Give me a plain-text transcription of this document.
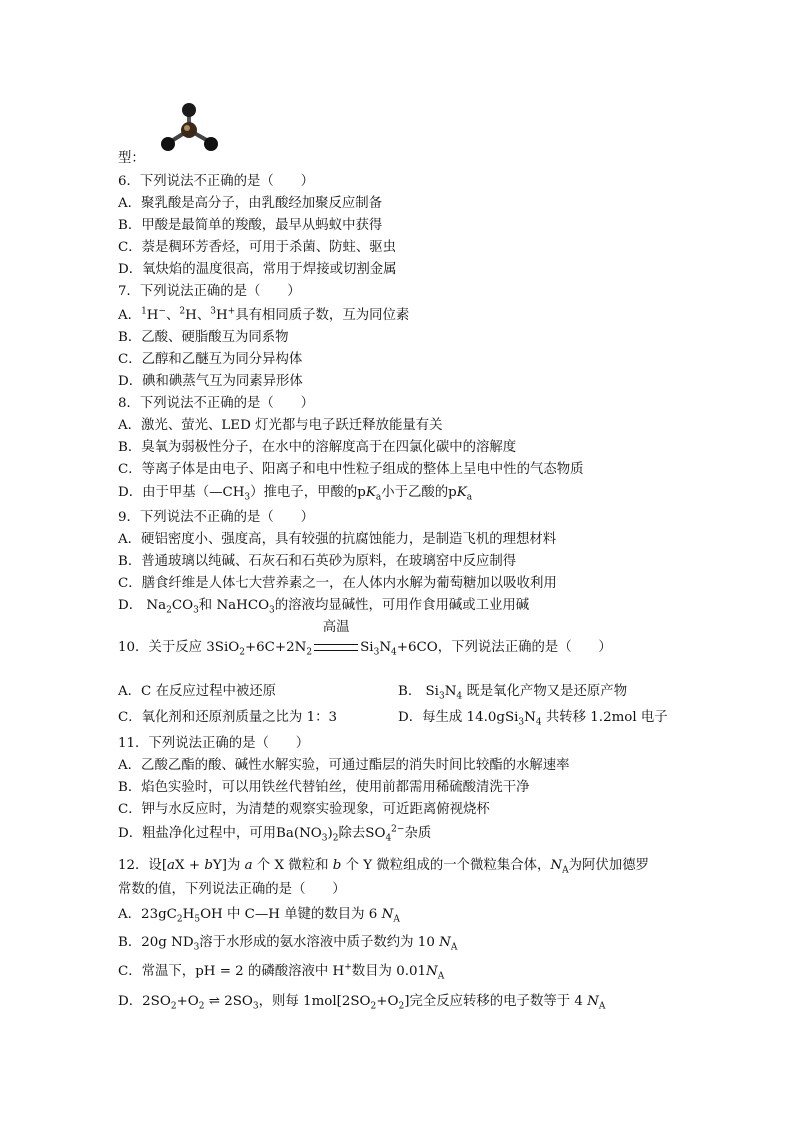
型：
6．下列说法不正确的是（　　）
A．聚乳酸是高分子，由乳酸经加聚反应制备
B．甲酸是最简单的羧酸，最早从蚂蚁中获得
C．萘是稠环芳香烃，可用于杀菌、防蛀、驱虫
D．氧炔焰的温度很高，常用于焊接或切割金属
7．下列说法正确的是（　　）
A．$^1$H−、$^2$H、$^3$H+具有相同质子数，互为同位素
B．乙酸、硬脂酸互为同系物
C．乙醇和乙醚互为同分异构体
D．碘和碘蒸气互为同素异形体
8．下列说法不正确的是（　　）
A．激光、萤光、LED 灯光都与电子跃迁释放能量有关
B．臭氧为弱极性分子，在水中的溶解度高于在四氯化碳中的溶解度
C．等离子体是由电子、阳离子和电中性粒子组成的整体上呈电中性的气态物质
D．由于甲基$(—CH_3)$推电子，甲酸的$pK_a$小于乙酸的$pK_a$
9．下列说法不正确的是（　　）
A．硬铝密度小、强度高，具有较强的抗腐蚀能力，是制造飞机的理想材料
B．普通玻璃以纯碱、石灰石和石英砂为原料，在玻璃窑中反应制得
C．膳食纤维是人体七大营养素之一，在人体内水解为葡萄糖加以吸收利用
D． $Na_2CO_3$和 NaHCO$_3$的溶液均显碱性，可用作食用碱或工业用碱
10．关于反应 $3SiO_2+6C+2N_2$
高温
$Si_3N_4+6CO$，下列说法正确的是（　　）
A．C 在反应过程中被还原	B． $Si_3N_4$ 既是氧化产物又是还原产物
C．氧化剂和还原剂质量之比为 1：3	D．每生成 $14.0gSi_3N_4$ 共转移 1.2mol 电子
11．下列说法正确的是（　　）
A．乙酸乙酯的酸、碱性水解实验，可通过酯层的消失时间比较酯的水解速率
B．焰色实验时，可以用铁丝代替铂丝，使用前都需用稀硫酸清洗干净
C．钾与水反应时，为清楚的观察实验现象，可近距离俯视烧杯
D．粗盐净化过程中，可用$Ba(NO_3)_2$除去$SO_4^{2-}$杂质
12．设[aX + bY]为 a 个 X 微粒和 b 个 Y 微粒组成的一个微粒集合体，$N_A$为阿伏加德罗
常数的值，下列说法正确的是（　　）
A．$23gC_2H_5OH$ 中 C—H 单键的数目为 6 $N_A$
B．20g $ND_3$溶于水形成的氨水溶液中质子数约为 10 $N_A$
C．常温下，pH = 2 的磷酸溶液中 H+数目为 $0.01N_A$
D．$2SO_2+O_2$ ⇌ $2SO_3$，则每 $1mol[2SO_2+O_2]$完全反应转移的电子数等于 4 $N_A$
